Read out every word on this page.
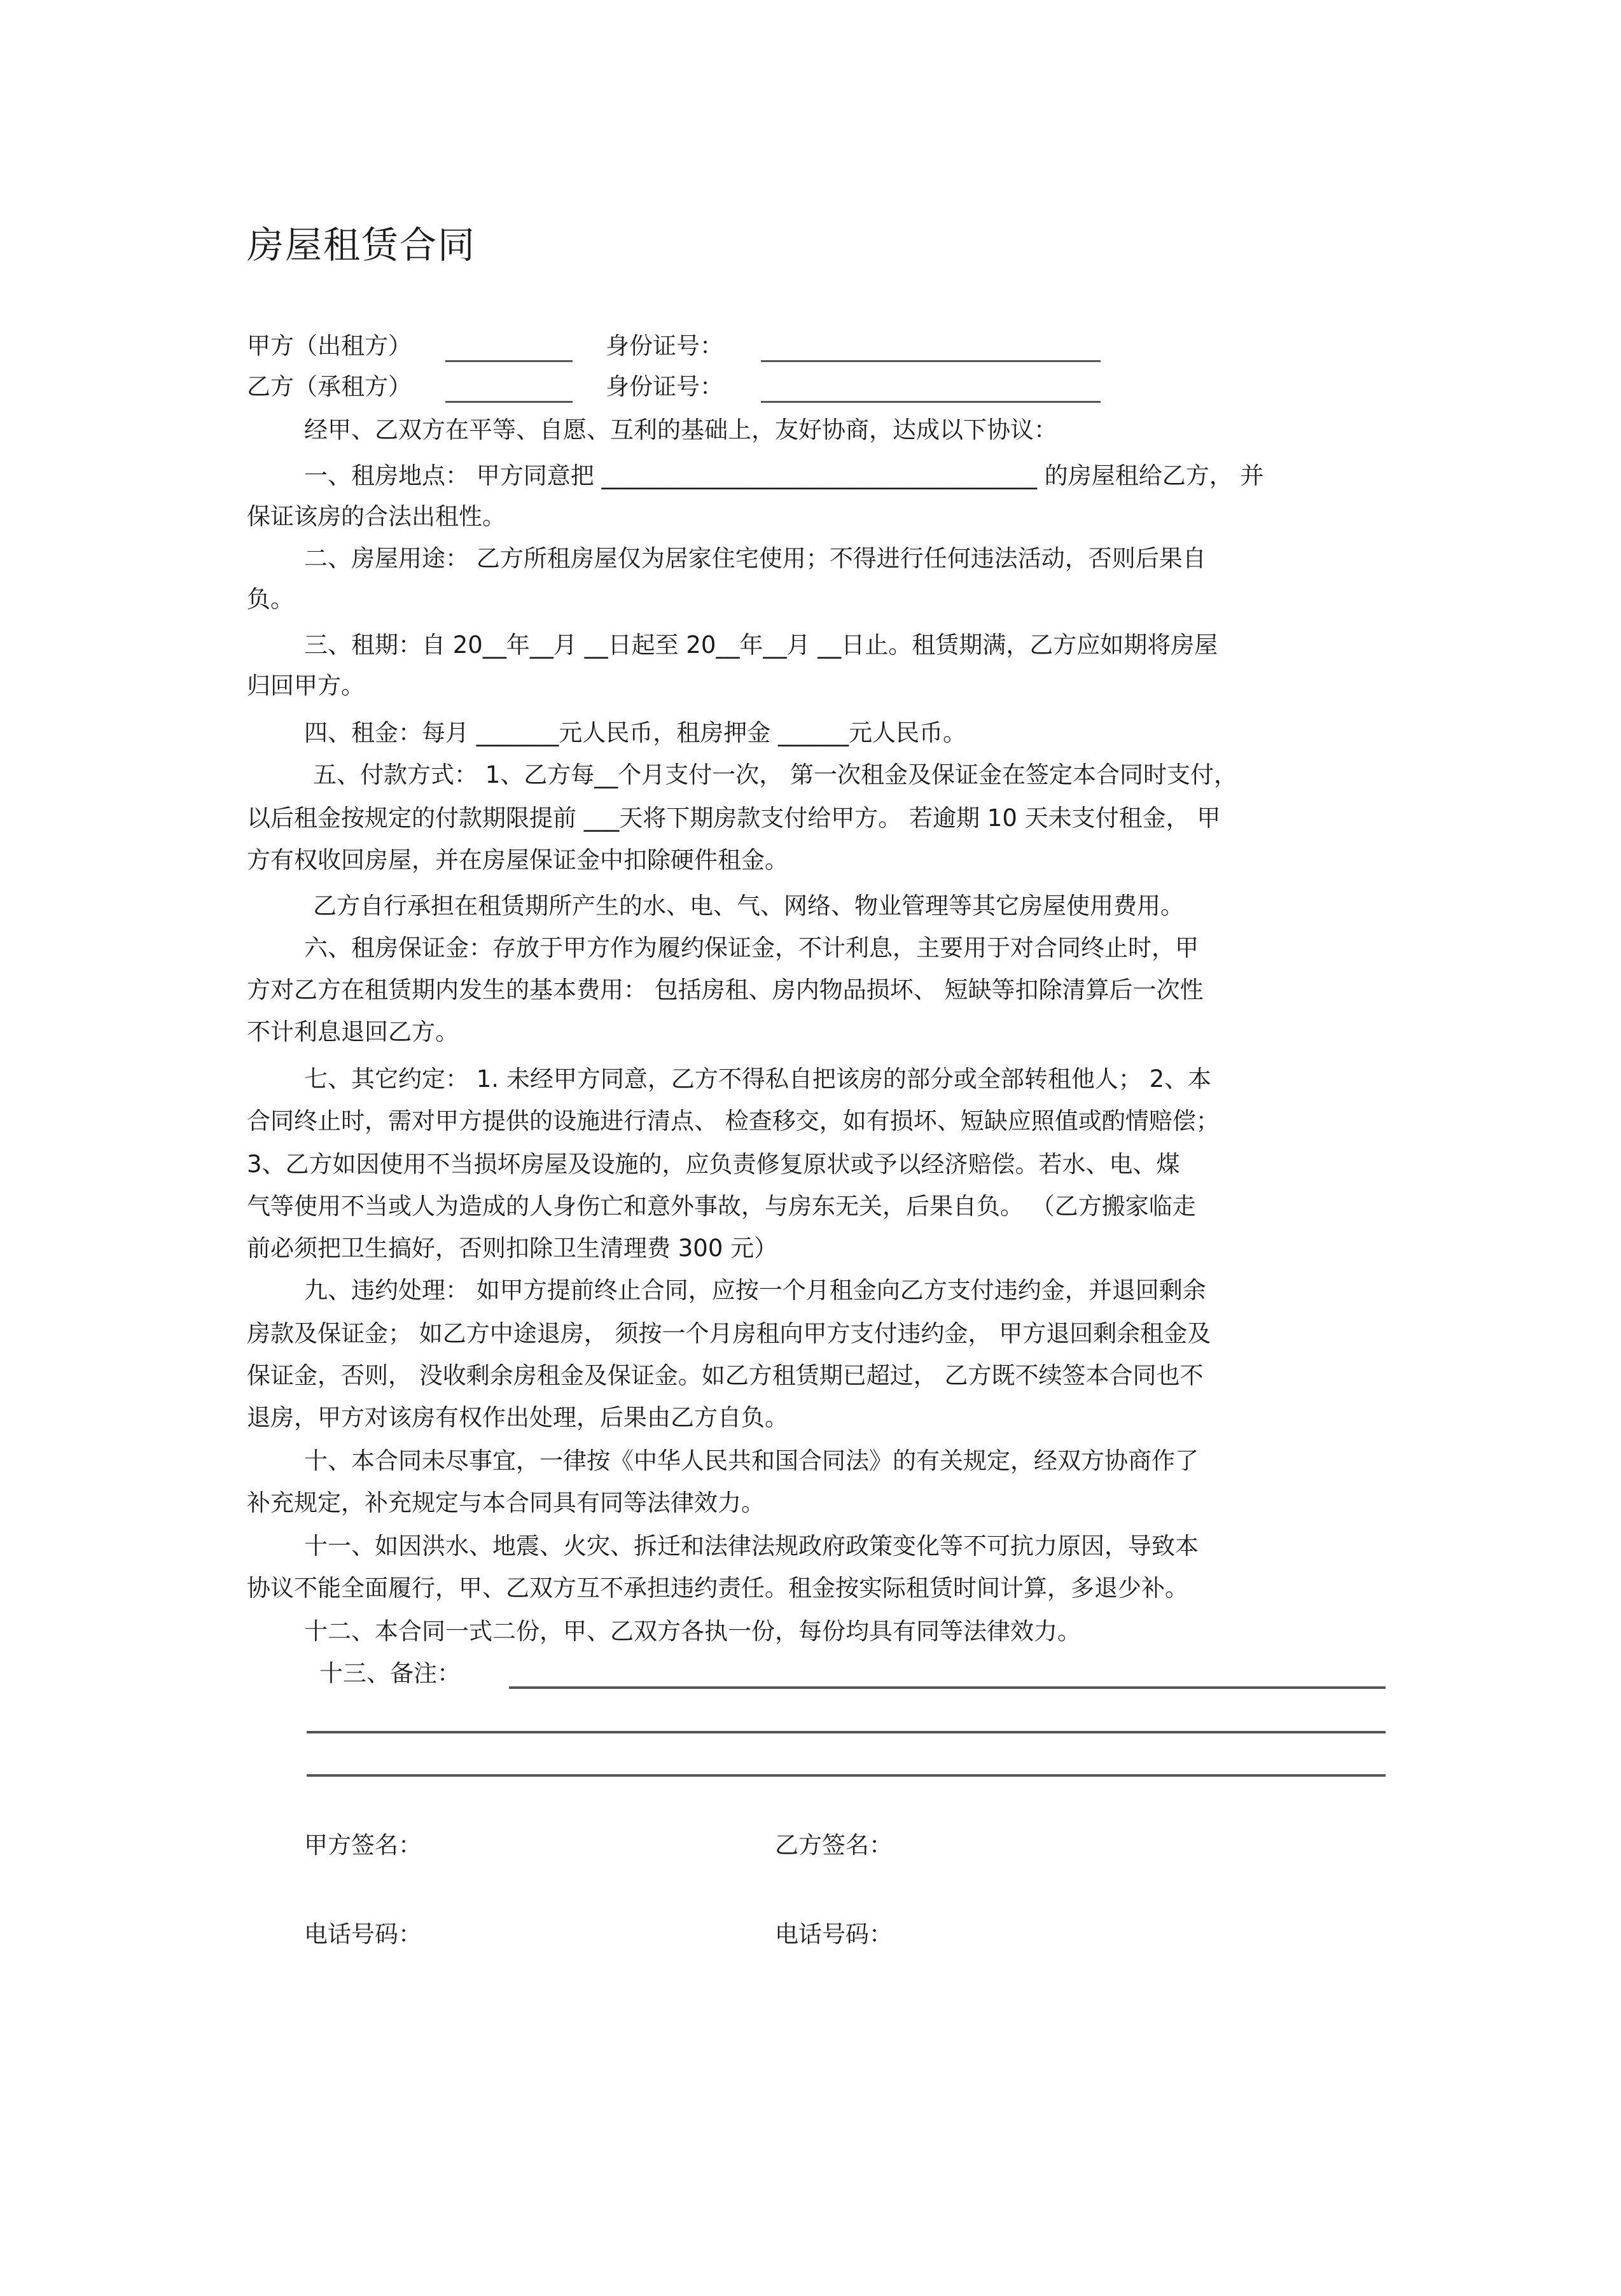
房屋租赁合同
甲方（出租方）	身份证号：
乙方（承租方）	身份证号：
经甲、乙双方在平等、自愿、互利的基础上，友好协商，达成以下协议：
一、租房地点： 甲方同意把 _____________________________________ 的房屋租给乙方， 并
保证该房的合法出租性。
二、房屋用途： 乙方所租房屋仅为居家住宅使用；不得进行任何违法活动，否则后果自
负。
三、租期：自 20__年__月 __日起至 20__年__月 __日止。租赁期满，乙方应如期将房屋
归回甲方。
四、租金：每月 _______元人民币，租房押金 ______元人民币。
五、付款方式： 1、乙方每__个月支付一次， 第一次租金及保证金在签定本合同时支付，
以后租金按规定的付款期限提前 ___天将下期房款支付给甲方。 若逾期 10 天未支付租金， 甲
方有权收回房屋，并在房屋保证金中扣除硬件租金。
乙方自行承担在租赁期所产生的水、电、气、网络、物业管理等其它房屋使用费用。
六、租房保证金：存放于甲方作为履约保证金，不计利息，主要用于对合同终止时，甲
方对乙方在租赁期内发生的基本费用： 包括房租、房内物品损坏、 短缺等扣除清算后一次性
不计利息退回乙方。
七、其它约定： 1. 未经甲方同意，乙方不得私自把该房的部分或全部转租他人； 2、本
合同终止时，需对甲方提供的设施进行清点、 检查移交，如有损坏、短缺应照值或酌情赔偿；
3、乙方如因使用不当损坏房屋及设施的，应负责修复原状或予以经济赔偿。若水、电、煤
气等使用不当或人为造成的人身伤亡和意外事故，与房东无关，后果自负。 （乙方搬家临走
前必须把卫生搞好，否则扣除卫生清理费 300 元）
九、违约处理： 如甲方提前终止合同，应按一个月租金向乙方支付违约金，并退回剩余
房款及保证金； 如乙方中途退房， 须按一个月房租向甲方支付违约金， 甲方退回剩余租金及
保证金，否则， 没收剩余房租金及保证金。如乙方租赁期已超过， 乙方既不续签本合同也不
退房，甲方对该房有权作出处理，后果由乙方自负。
十、本合同未尽事宜，一律按《中华人民共和国合同法》的有关规定，经双方协商作了
补充规定，补充规定与本合同具有同等法律效力。
十一、如因洪水、地震、火灾、拆迁和法律法规政府政策变化等不可抗力原因，导致本
协议不能全面履行，甲、乙双方互不承担违约责任。租金按实际租赁时间计算，多退少补。
十二、本合同一式二份，甲、乙双方各执一份，每份均具有同等法律效力。
十三、备注：
甲方签名：	乙方签名：
电话号码：	电话号码：
